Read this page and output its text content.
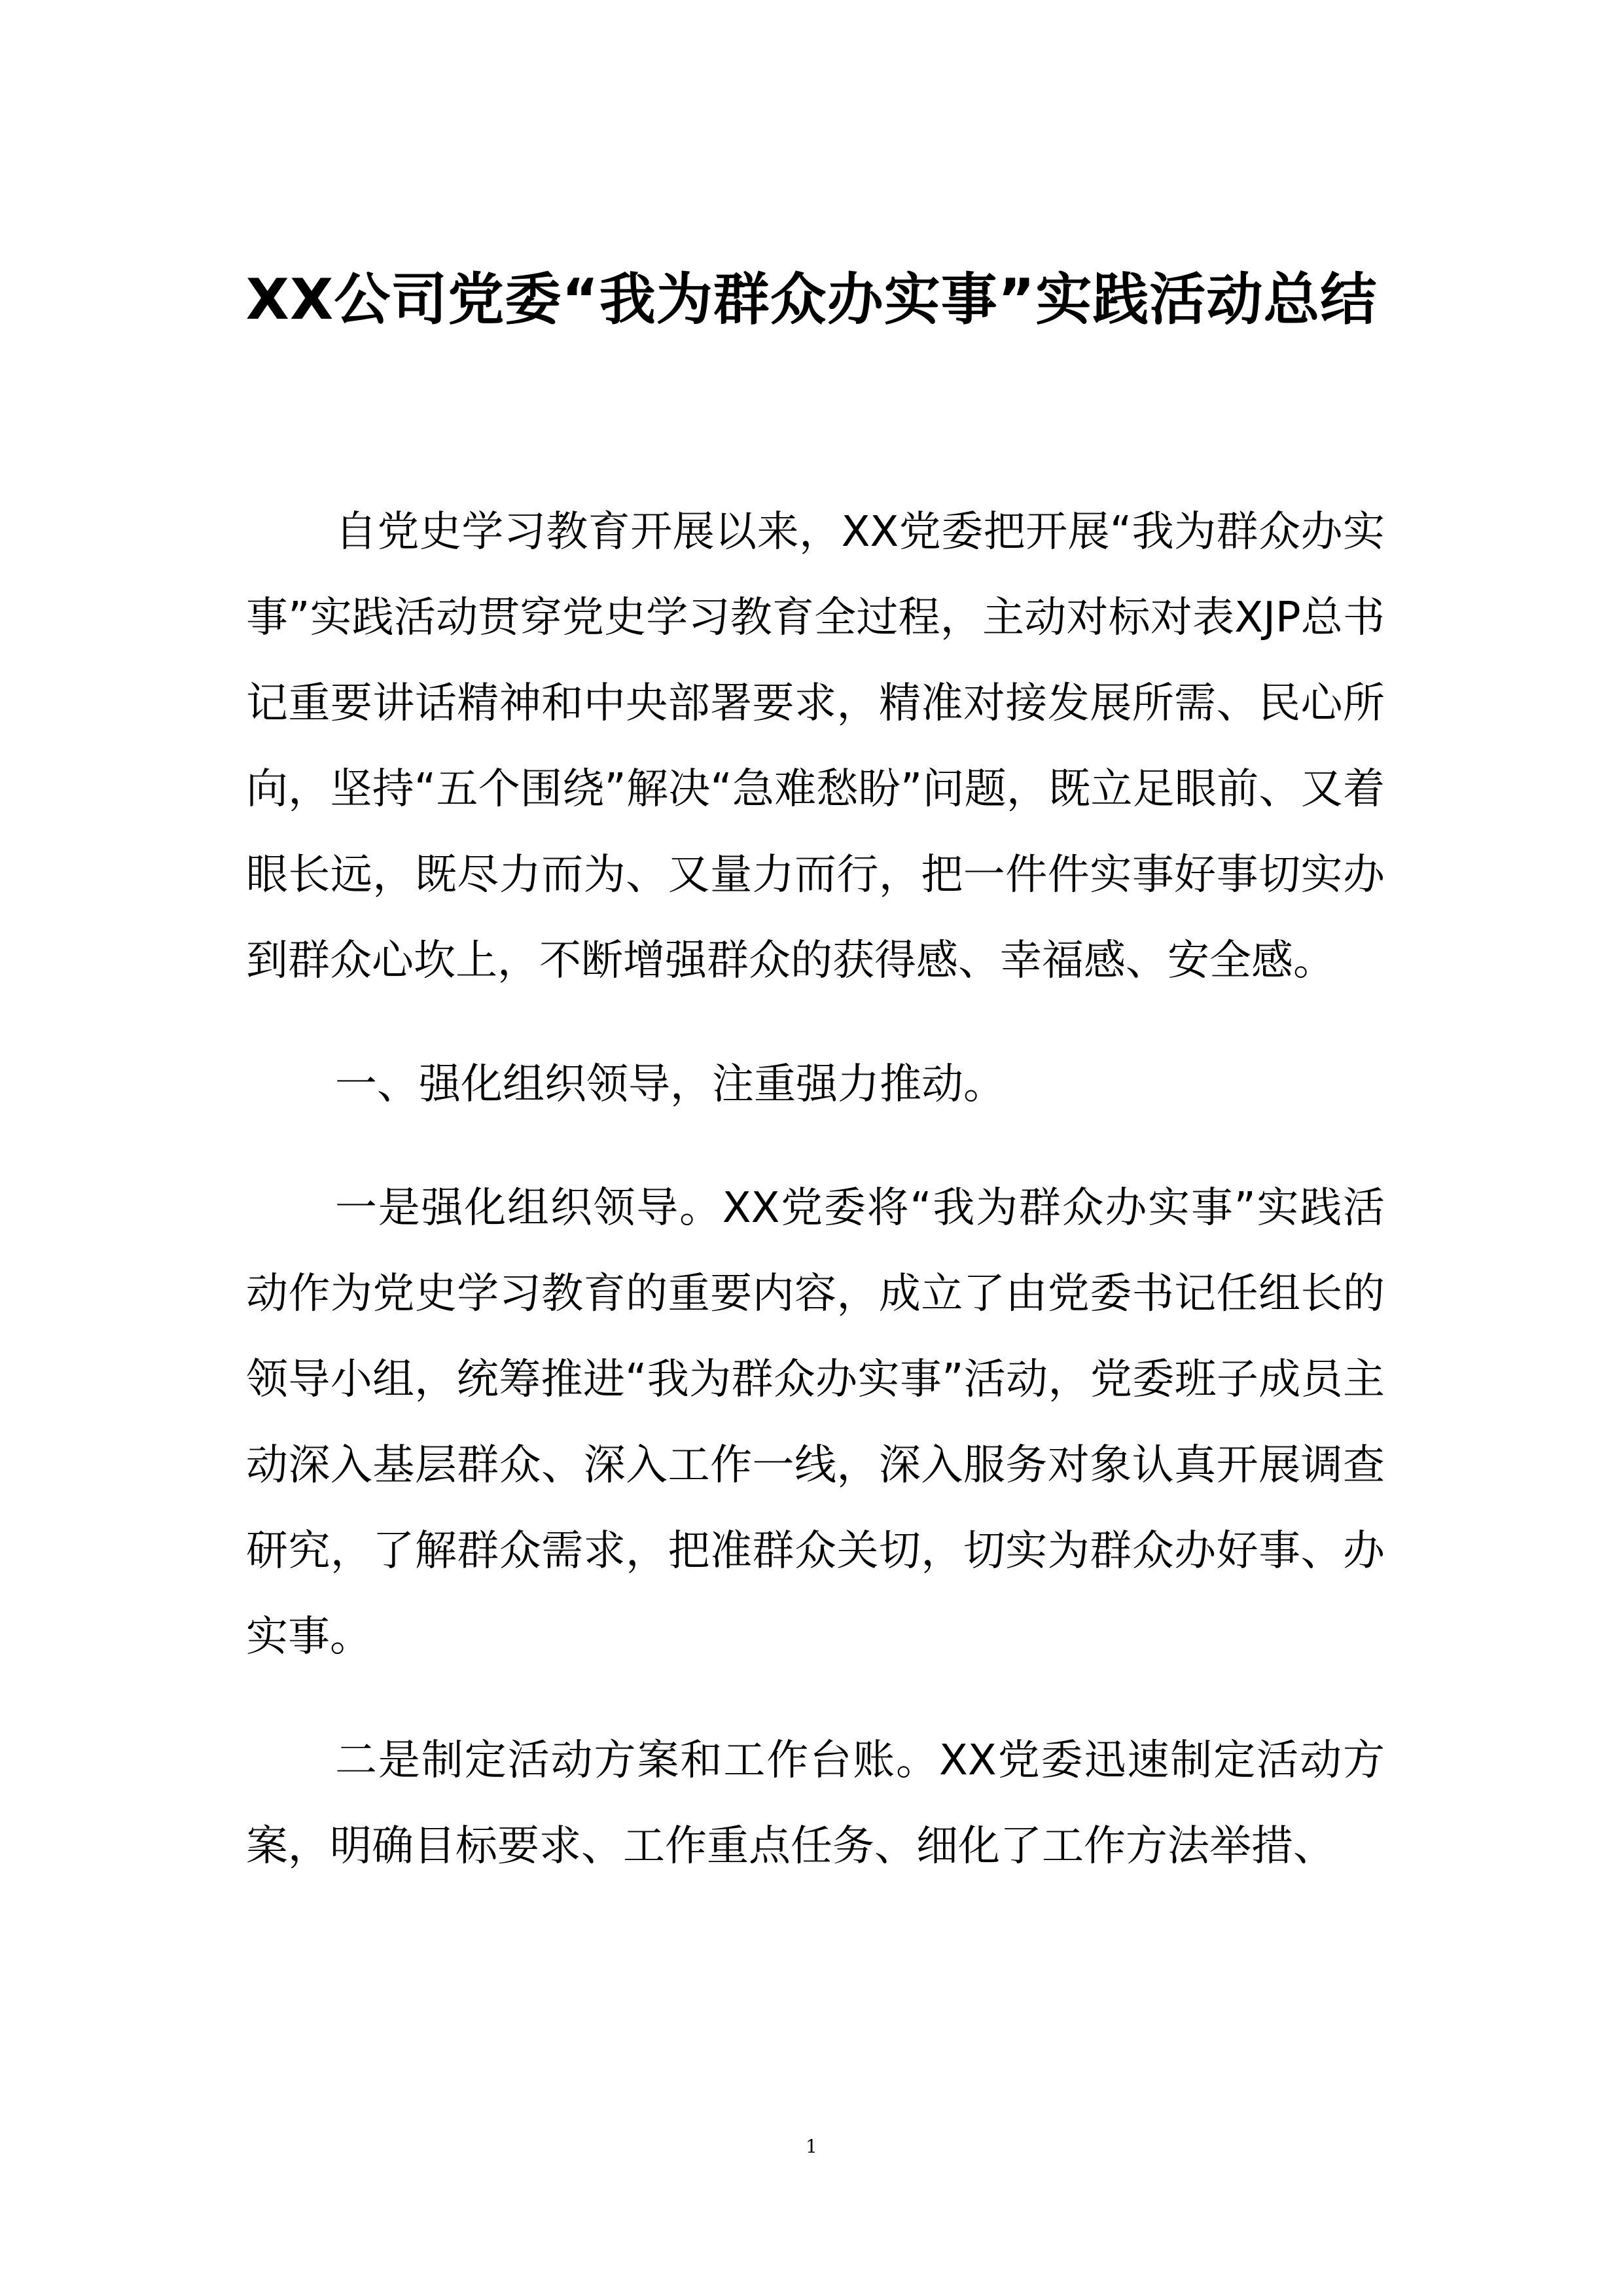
XX公司党委“我为群众办实事”实践活动总结

自党史学习教育开展以来，XX党委把开展“我为群众办实事”实践活动贯穿党史学习教育全过程，主动对标对表XJP总书记重要讲话精神和中央部署要求，精准对接发展所需、民心所向，坚持“五个围绕”解决“急难愁盼”问题，既立足眼前、又着眼长远，既尽力而为、又量力而行，把一件件实事好事切实办到群众心坎上，不断增强群众的获得感、幸福感、安全感。

一、强化组织领导，注重强力推动。

一是强化组织领导。XX党委将“我为群众办实事”实践活动作为党史学习教育的重要内容，成立了由党委书记任组长的领导小组，统筹推进“我为群众办实事”活动，党委班子成员主动深入基层群众、深入工作一线，深入服务对象认真开展调查研究，了解群众需求，把准群众关切，切实为群众办好事、办实事。

二是制定活动方案和工作台账。XX党委迅速制定活动方案，明确目标要求、工作重点任务、细化了工作方法举措、

1
